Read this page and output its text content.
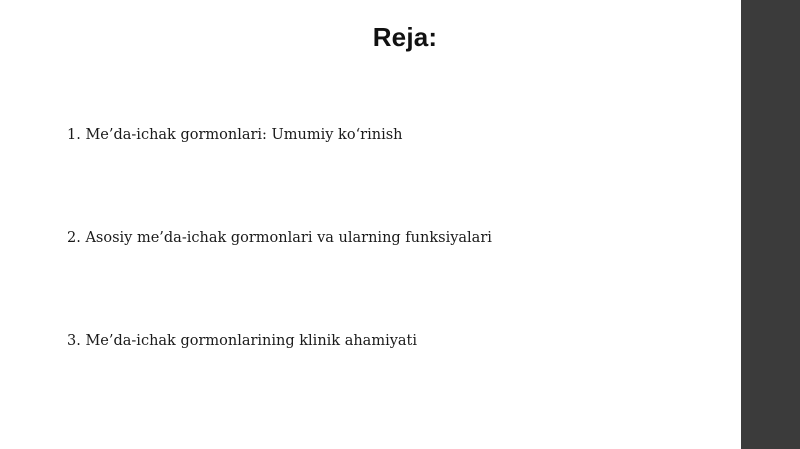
Reja:
1. Me’da-ichak gormonlari: Umumiy ko‘rinish
2. Asosiy me’da-ichak gormonlari va ularning funksiyalari
3. Me’da-ichak gormonlarining klinik ahamiyati
